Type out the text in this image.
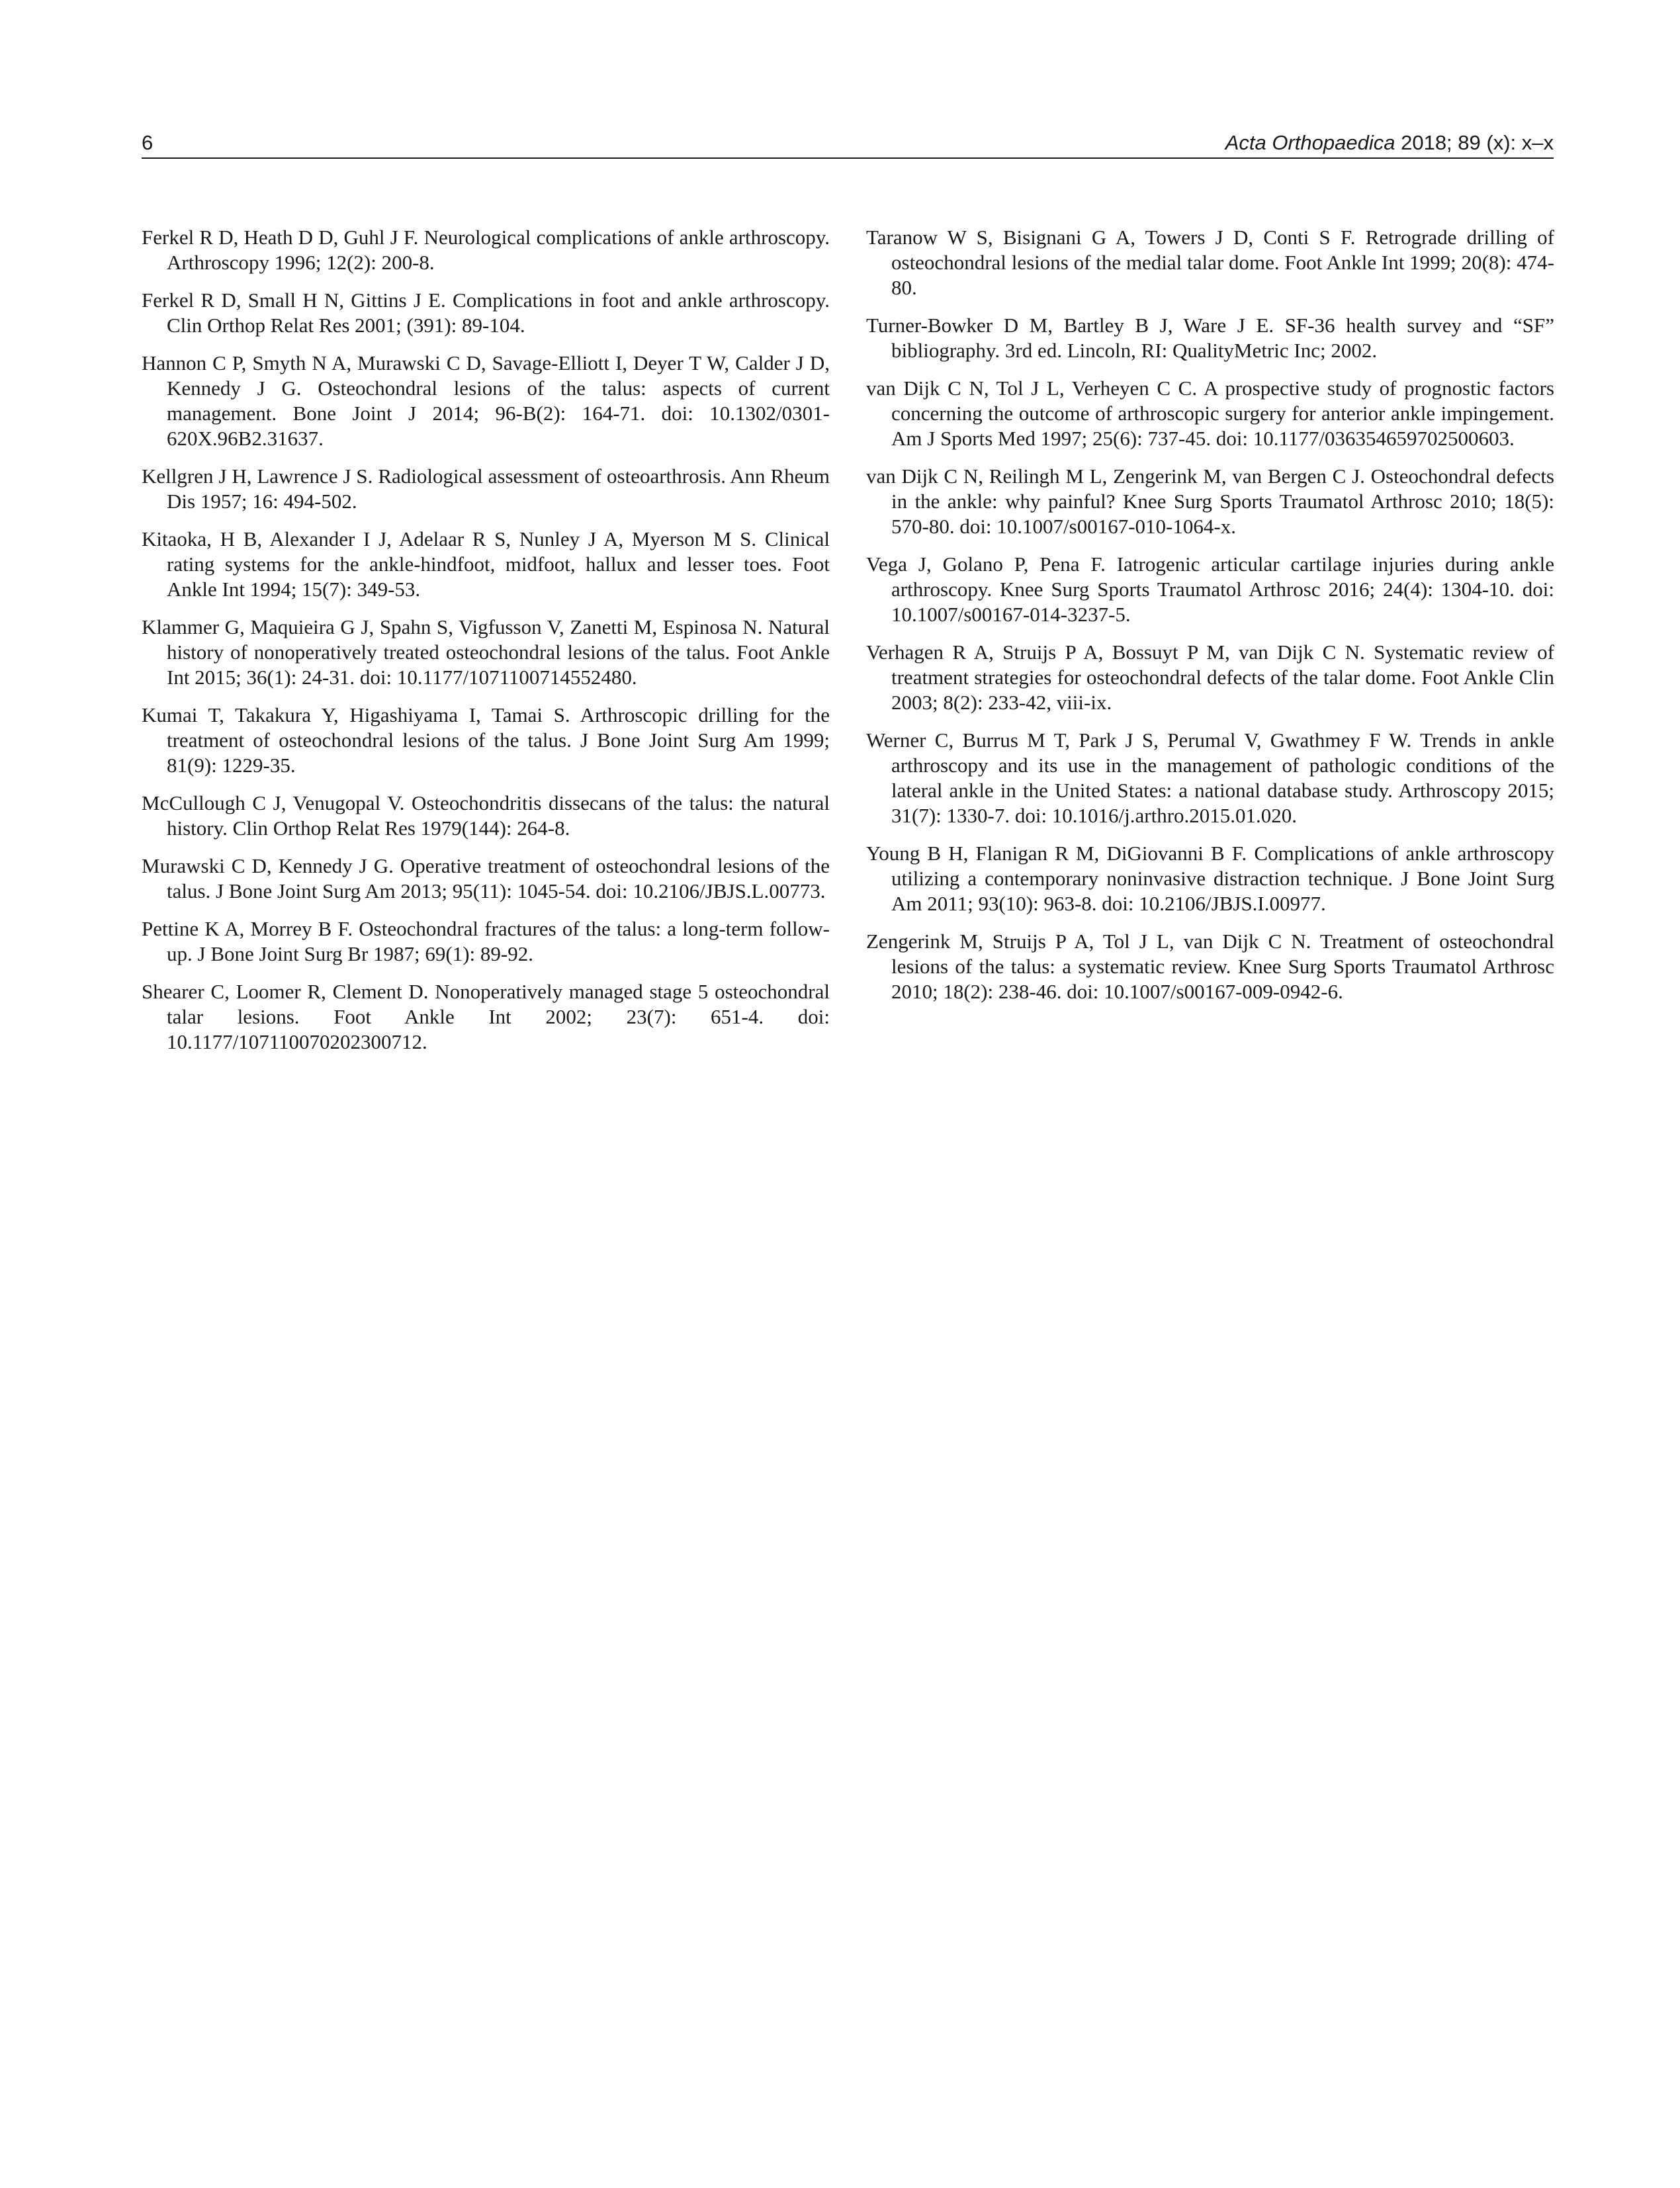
6	Acta Orthopaedica 2018; 89 (x): x–x

Ferkel R D, Heath D D, Guhl J F. Neurological complications of ankle arthroscopy. Arthroscopy 1996; 12(2): 200-8.

Ferkel R D, Small H N, Gittins J E. Complications in foot and ankle arthroscopy. Clin Orthop Relat Res 2001; (391): 89-104.

Hannon C P, Smyth N A, Murawski C D, Savage-Elliott I, Deyer T W, Calder J D, Kennedy J G. Osteochondral lesions of the talus: aspects of current management. Bone Joint J 2014; 96-B(2): 164-71. doi: 10.1302/0301-620X.96B2.31637.

Kellgren J H, Lawrence J S. Radiological assessment of osteoarthrosis. Ann Rheum Dis 1957; 16: 494-502.

Kitaoka, H B, Alexander I J, Adelaar R S, Nunley J A, Myerson M S. Clinical rating systems for the ankle-hindfoot, midfoot, hallux and lesser toes. Foot Ankle Int 1994; 15(7): 349-53.

Klammer G, Maquieira G J, Spahn S, Vigfusson V, Zanetti M, Espinosa N. Natural history of nonoperatively treated osteochondral lesions of the talus. Foot Ankle Int 2015; 36(1): 24-31. doi: 10.1177/1071100714552480.

Kumai T, Takakura Y, Higashiyama I, Tamai S. Arthroscopic drilling for the treatment of osteochondral lesions of the talus. J Bone Joint Surg Am 1999; 81(9): 1229-35.

McCullough C J, Venugopal V. Osteochondritis dissecans of the talus: the natural history. Clin Orthop Relat Res 1979(144): 264-8.

Murawski C D, Kennedy J G. Operative treatment of osteochondral lesions of the talus. J Bone Joint Surg Am 2013; 95(11): 1045-54. doi: 10.2106/JBJS.L.00773.

Pettine K A, Morrey B F. Osteochondral fractures of the talus: a long-term follow-up. J Bone Joint Surg Br 1987; 69(1): 89-92.

Shearer C, Loomer R, Clement D. Nonoperatively managed stage 5 osteochondral talar lesions. Foot Ankle Int 2002; 23(7): 651-4. doi: 10.1177/107110070202300712.

Taranow W S, Bisignani G A, Towers J D, Conti S F. Retrograde drilling of osteochondral lesions of the medial talar dome. Foot Ankle Int 1999; 20(8): 474-80.

Turner-Bowker D M, Bartley B J, Ware J E. SF-36 health survey and “SF” bibliography. 3rd ed. Lincoln, RI: QualityMetric Inc; 2002.

van Dijk C N, Tol J L, Verheyen C C. A prospective study of prognostic factors concerning the outcome of arthroscopic surgery for anterior ankle impingement. Am J Sports Med 1997; 25(6): 737-45. doi: 10.1177/036354659702500603.

van Dijk C N, Reilingh M L, Zengerink M, van Bergen C J. Osteochondral defects in the ankle: why painful? Knee Surg Sports Traumatol Arthrosc 2010; 18(5): 570-80. doi: 10.1007/s00167-010-1064-x.

Vega J, Golano P, Pena F. Iatrogenic articular cartilage injuries during ankle arthroscopy. Knee Surg Sports Traumatol Arthrosc 2016; 24(4): 1304-10. doi: 10.1007/s00167-014-3237-5.

Verhagen R A, Struijs P A, Bossuyt P M, van Dijk C N. Systematic review of treatment strategies for osteochondral defects of the talar dome. Foot Ankle Clin 2003; 8(2): 233-42, viii-ix.

Werner C, Burrus M T, Park J S, Perumal V, Gwathmey F W. Trends in ankle arthroscopy and its use in the management of pathologic conditions of the lateral ankle in the United States: a national database study. Arthroscopy 2015; 31(7): 1330-7. doi: 10.1016/j.arthro.2015.01.020.

Young B H, Flanigan R M, DiGiovanni B F. Complications of ankle arthroscopy utilizing a contemporary noninvasive distraction technique. J Bone Joint Surg Am 2011; 93(10): 963-8. doi: 10.2106/JBJS.I.00977.

Zengerink M, Struijs P A, Tol J L, van Dijk C N. Treatment of osteochondral lesions of the talus: a systematic review. Knee Surg Sports Traumatol Arthrosc 2010; 18(2): 238-46. doi: 10.1007/s00167-009-0942-6.
